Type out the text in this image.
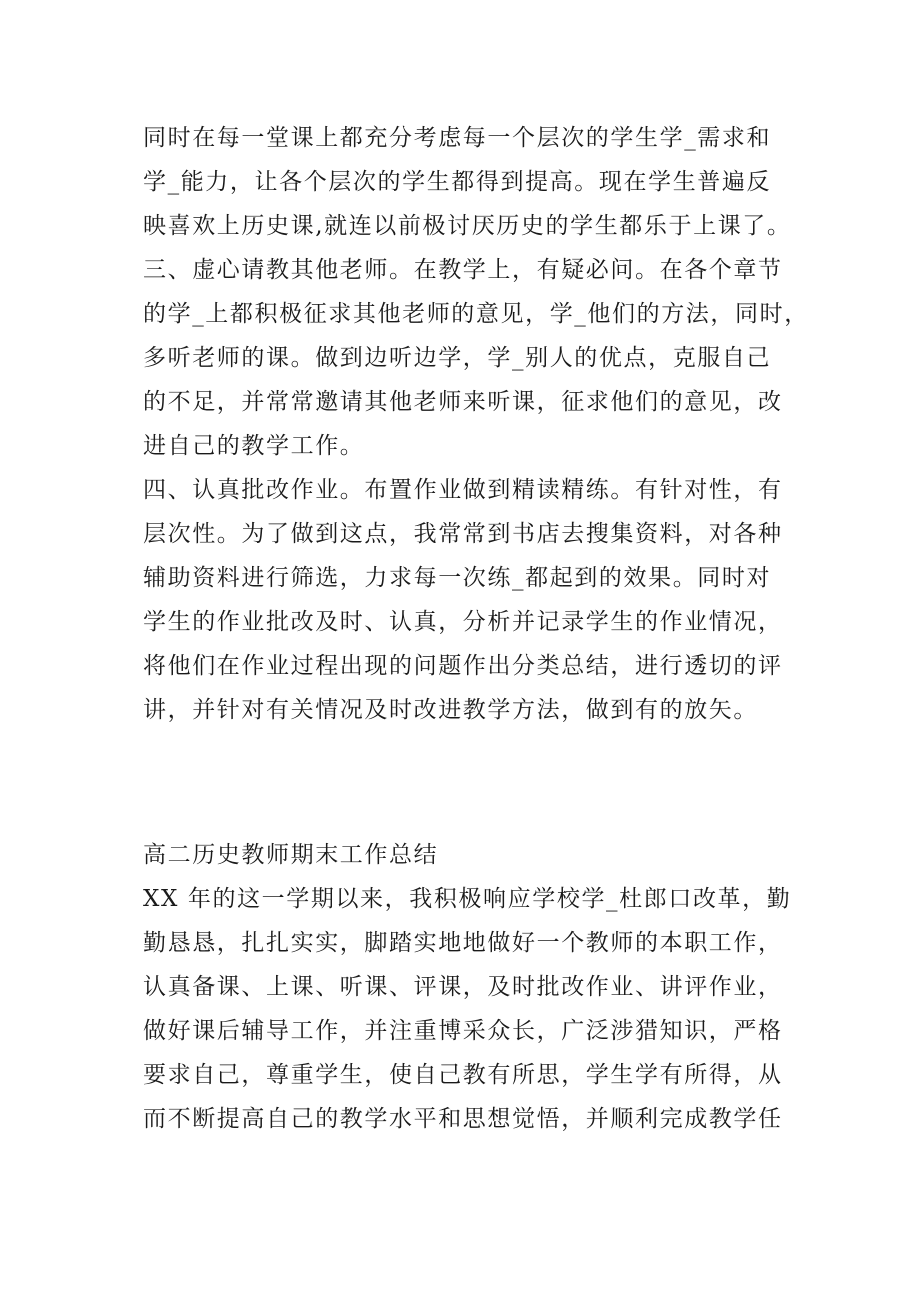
同时在每一堂课上都充分考虑每一个层次的学生学_需求和
学_能力，让各个层次的学生都得到提高。现在学生普遍反
映喜欢上历史课,就连以前极讨厌历史的学生都乐于上课了。
三、虚心请教其他老师。在教学上，有疑必问。在各个章节
的学_上都积极征求其他老师的意见，学_他们的方法，同时，
多听老师的课。做到边听边学，学_别人的优点，克服自己
的不足，并常常邀请其他老师来听课，征求他们的意见，改
进自己的教学工作。
四、认真批改作业。布置作业做到精读精练。有针对性，有
层次性。为了做到这点，我常常到书店去搜集资料，对各种
辅助资料进行筛选，力求每一次练_都起到的效果。同时对
学生的作业批改及时、认真，分析并记录学生的作业情况，
将他们在作业过程出现的问题作出分类总结，进行透切的评
讲，并针对有关情况及时改进教学方法，做到有的放矢。
高二历史教师期末工作总结
XX 年的这一学期以来，我积极响应学校学_杜郎口改革，勤
勤恳恳，扎扎实实，脚踏实地地做好一个教师的本职工作，
认真备课、上课、听课、评课，及时批改作业、讲评作业，
做好课后辅导工作，并注重博采众长，广泛涉猎知识，严格
要求自己，尊重学生，使自己教有所思，学生学有所得，从
而不断提高自己的教学水平和思想觉悟，并顺利完成教学任
